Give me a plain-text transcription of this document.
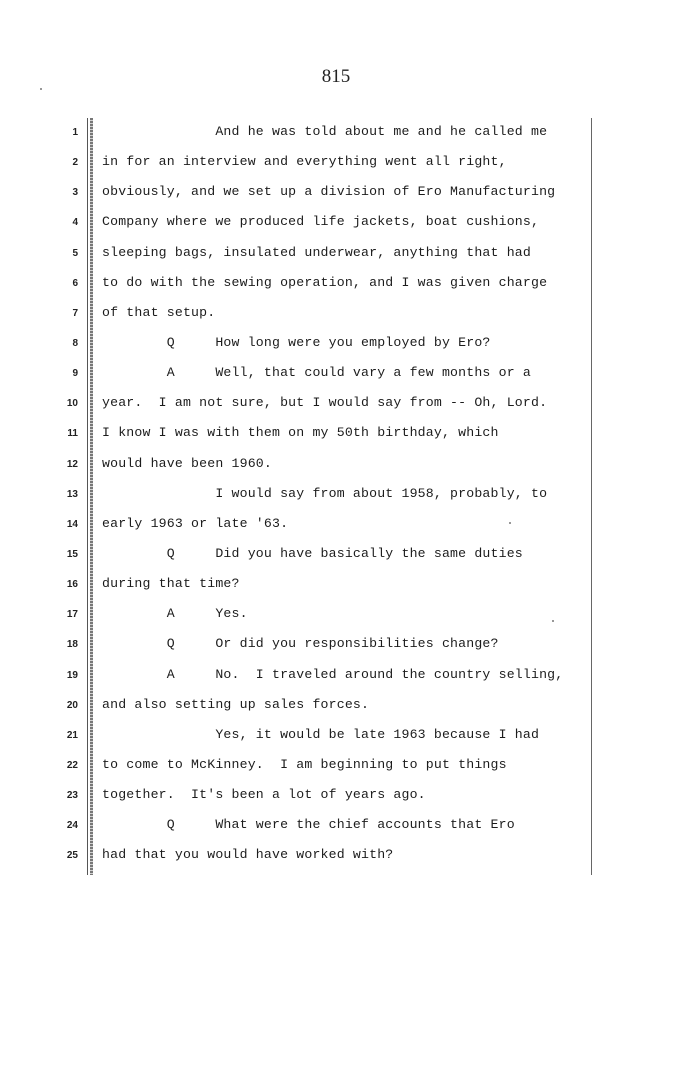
815
1 And he was told about me and he called me
2 in for an interview and everything went all right,
3 obviously, and we set up a division of Ero Manufacturing
4 Company where we produced life jackets, boat cushions,
5 sleeping bags, insulated underwear, anything that had
6 to do with the sewing operation, and I was given charge
7 of that setup.
8 Q     How long were you employed by Ero?
9 A     Well, that could vary a few months or a
10 year.  I am not sure, but I would say from -- Oh, Lord.
11 I know I was with them on my 50th birthday, which
12 would have been 1960.
13 I would say from about 1958, probably, to
14 early 1963 or late '63.
15 Q     Did you have basically the same duties
16 during that time?
17 A     Yes.
18 Q     Or did you responsibilities change?
19 A     No.  I traveled around the country selling,
20 and also setting up sales forces.
21 Yes, it would be late 1963 because I had
22 to come to McKinney.  I am beginning to put things
23 together.  It's been a lot of years ago.
24 Q     What were the chief accounts that Ero
25 had that you would have worked with?
